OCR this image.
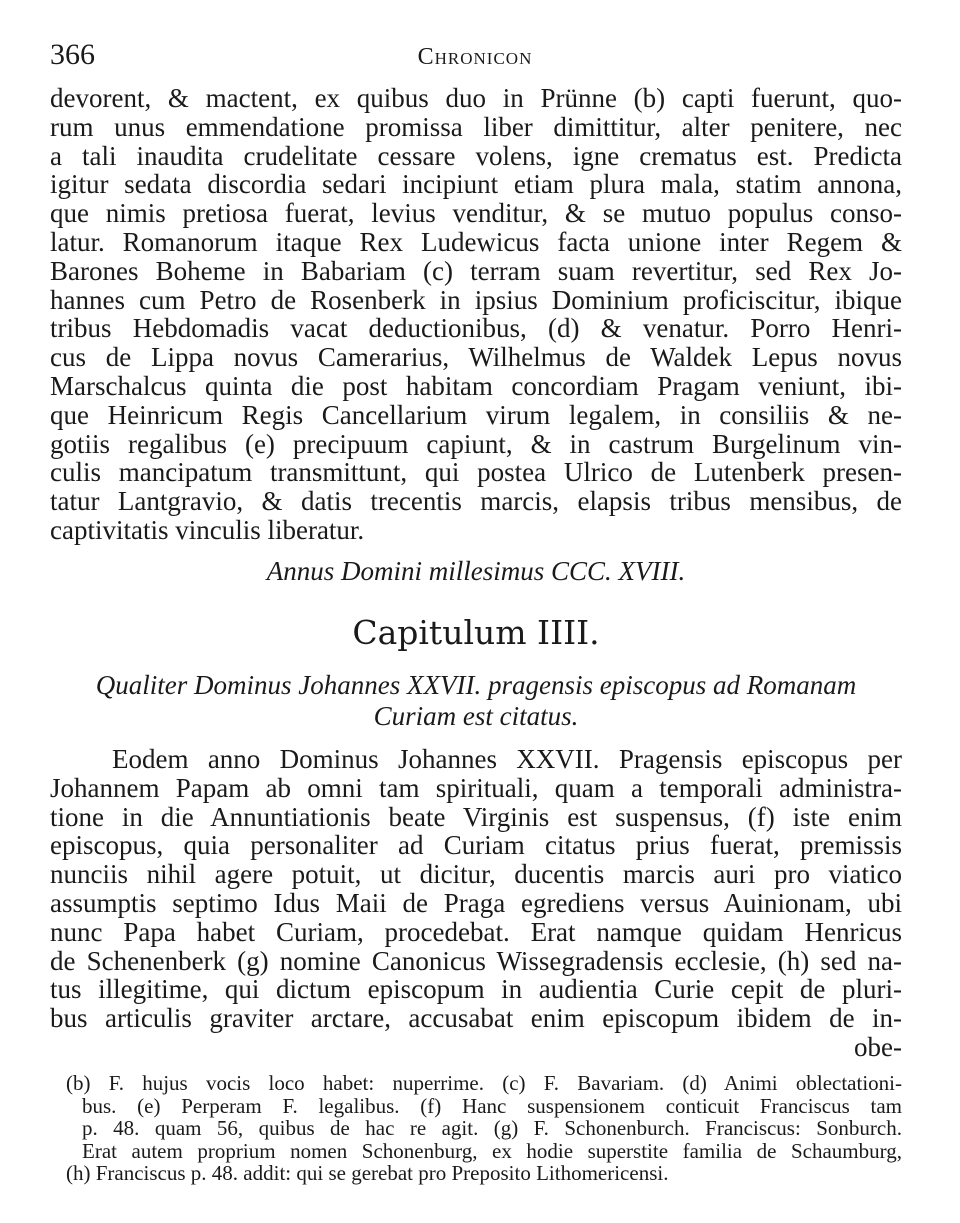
366	Chronicon
devorent, & mactent, ex quibus duo in Prünne (b) capti fuerunt, quo-
rum unus emmendatione promissa liber dimittitur, alter penitere, nec
a tali inaudita crudelitate cessare volens, igne crematus est. Predicta
igitur sedata discordia sedari incipiunt etiam plura mala, statim annona,
que nimis pretiosa fuerat, levius venditur, & se mutuo populus conso-
latur. Romanorum itaque Rex Ludewicus facta unione inter Regem &
Barones Boheme in Babariam (c) terram suam revertitur, sed Rex Jo-
hannes cum Petro de Rosenberk in ipsius Dominium proficiscitur, ibique
tribus Hebdomadis vacat deductionibus, (d) & venatur. Porro Henri-
cus de Lippa novus Camerarius, Wilhelmus de Waldek Lepus novus
Marschalcus quinta die post habitam concordiam Pragam veniunt, ibi-
que Heinricum Regis Cancellarium virum legalem, in consiliis & ne-
gotiis regalibus (e) precipuum capiunt, & in castrum Burgelinum vin-
culis mancipatum transmittunt, qui postea Ulrico de Lutenberk presen-
tatur Lantgravio, & datis trecentis marcis, elapsis tribus mensibus, de
captivitatis vinculis liberatur.
Annus Domini millesimus CCC. XVIII.
Capitulum IIII.
Qualiter Dominus Johannes XXVII. pragensis episcopus ad Romanam
Curiam est citatus.
Eodem anno Dominus Johannes XXVII. Pragensis episcopus per
Johannem Papam ab omni tam spirituali, quam a temporali administra-
tione in die Annuntiationis beate Virginis est suspensus, (f) iste enim
episcopus, quia personaliter ad Curiam citatus prius fuerat, premissis
nunciis nihil agere potuit, ut dicitur, ducentis marcis auri pro viatico
assumptis septimo Idus Maii de Praga egrediens versus Auinionam, ubi
nunc Papa habet Curiam, procedebat. Erat namque quidam Henricus
de Schenenberk (g) nomine Canonicus Wissegradensis ecclesie, (h) sed na-
tus illegitime, qui dictum episcopum in audientia Curie cepit de pluri-
bus articulis graviter arctare, accusabat enim episcopum ibidem de in-
obe-
(b) F. hujus vocis loco habet: nuperrime. (c) F. Bavariam. (d) Animi oblectationi-
bus. (e) Perperam F. legalibus. (f) Hanc suspensionem conticuit Franciscus tam
p. 48. quam 56, quibus de hac re agit. (g) F. Schonenburch. Franciscus: Sonburch.
Erat autem proprium nomen Schonenburg, ex hodie superstite familia de Schaumburg,
(h) Franciscus p. 48. addit: qui se gerebat pro Preposito Lithomericensi.
